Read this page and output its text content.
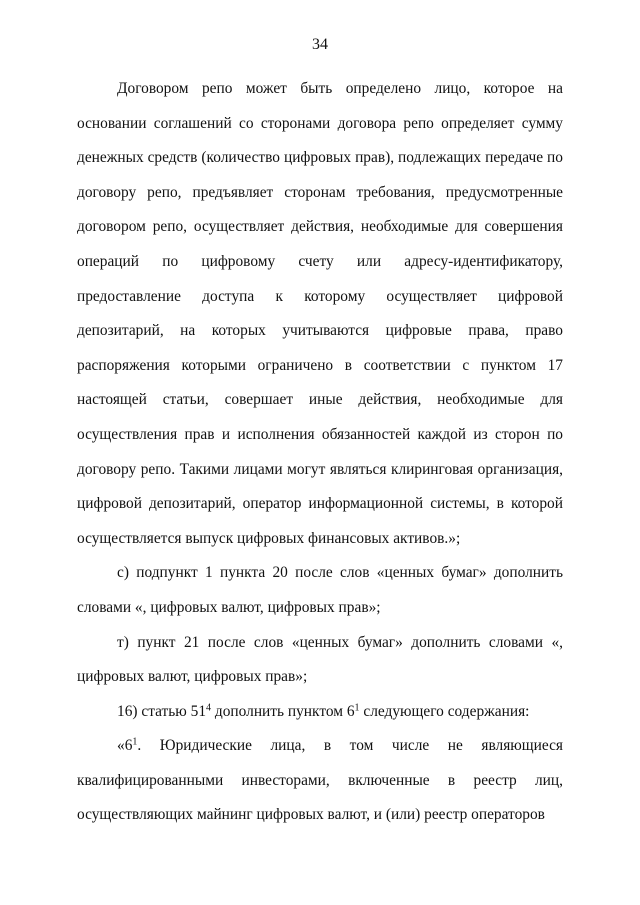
34

Договором репо может быть определено лицо, которое на основании соглашений со сторонами договора репо определяет сумму денежных средств (количество цифровых прав), подлежащих передаче по договору репо, предъявляет сторонам требования, предусмотренные договором репо, осуществляет действия, необходимые для совершения операций по цифровому счету или адресу-идентификатору, предоставление доступа к которому осуществляет цифровой депозитарий, на которых учитываются цифровые права, право распоряжения которыми ограничено в соответствии с пунктом 17 настоящей статьи, совершает иные действия, необходимые для осуществления прав и исполнения обязанностей каждой из сторон по договору репо. Такими лицами могут являться клиринговая организация, цифровой депозитарий, оператор информационной системы, в которой осуществляется выпуск цифровых финансовых активов.»;

с) подпункт 1 пункта 20 после слов «ценных бумаг» дополнить словами «, цифровых валют, цифровых прав»;

т) пункт 21 после слов «ценных бумаг» дополнить словами «, цифровых валют, цифровых прав»;

16) статью $51^4$ дополнить пунктом $6^1$ следующего содержания:

«$6^1$. Юридические лица, в том числе не являющиеся квалифицированными инвесторами, включенные в реестр лиц, осуществляющих майнинг цифровых валют, и (или) реестр операторов
